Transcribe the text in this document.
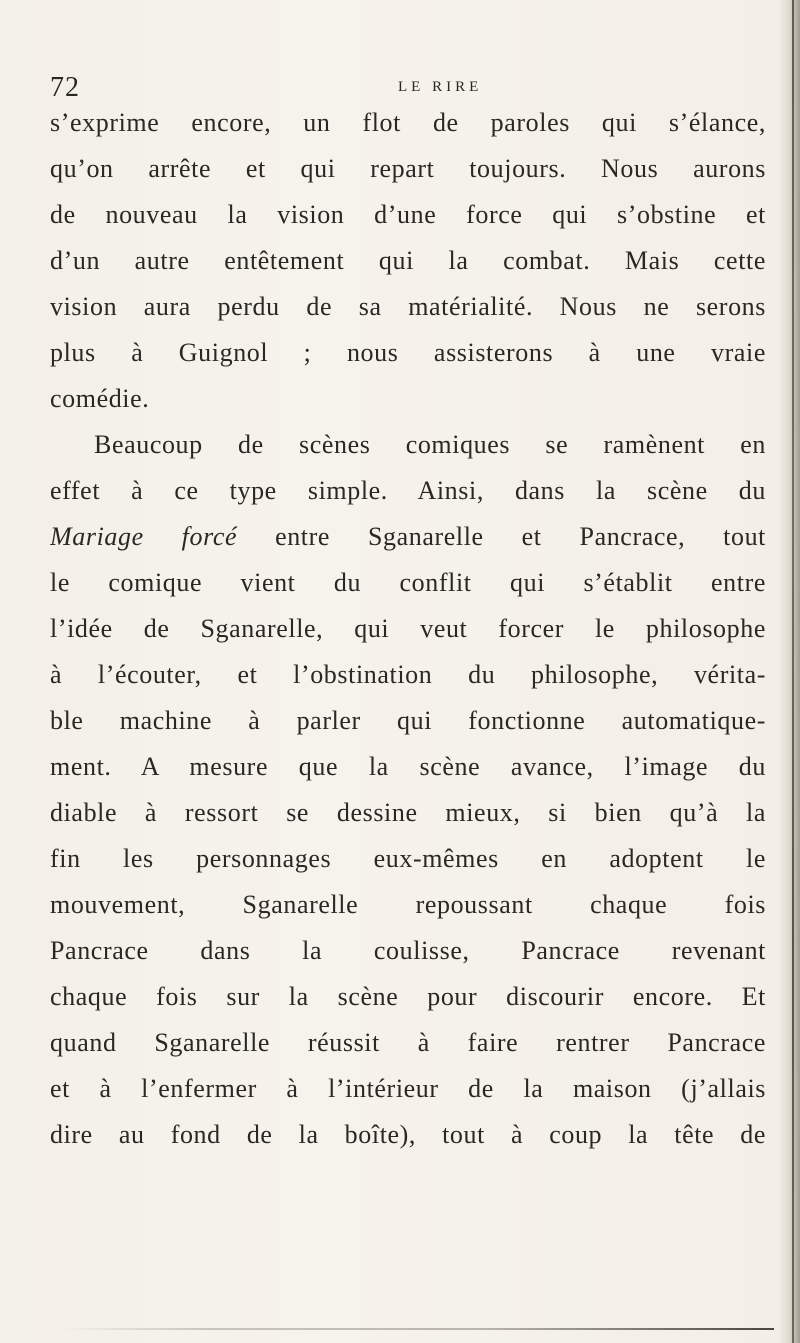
72	LE RIRE
s’exprime encore, un flot de paroles qui s’élance,
qu’on arrête et qui repart toujours. Nous aurons
de nouveau la vision d’une force qui s’obstine et
d’un autre entêtement qui la combat. Mais cette
vision aura perdu de sa matérialité. Nous ne serons
plus à Guignol ; nous assisterons à une vraie
comédie.
Beaucoup de scènes comiques se ramènent en
effet à ce type simple. Ainsi, dans la scène du
Mariage forcé entre Sganarelle et Pancrace, tout
le comique vient du conflit qui s’établit entre
l’idée de Sganarelle, qui veut forcer le philosophe
à l’écouter, et l’obstination du philosophe, vérita-
ble machine à parler qui fonctionne automatique-
ment. A mesure que la scène avance, l’image du
diable à ressort se dessine mieux, si bien qu’à la
fin les personnages eux-mêmes en adoptent le
mouvement, Sganarelle repoussant chaque fois
Pancrace dans la coulisse, Pancrace revenant
chaque fois sur la scène pour discourir encore. Et
quand Sganarelle réussit à faire rentrer Pancrace
et à l’enfermer à l’intérieur de la maison (j’allais
dire au fond de la boîte), tout à coup la tête de
